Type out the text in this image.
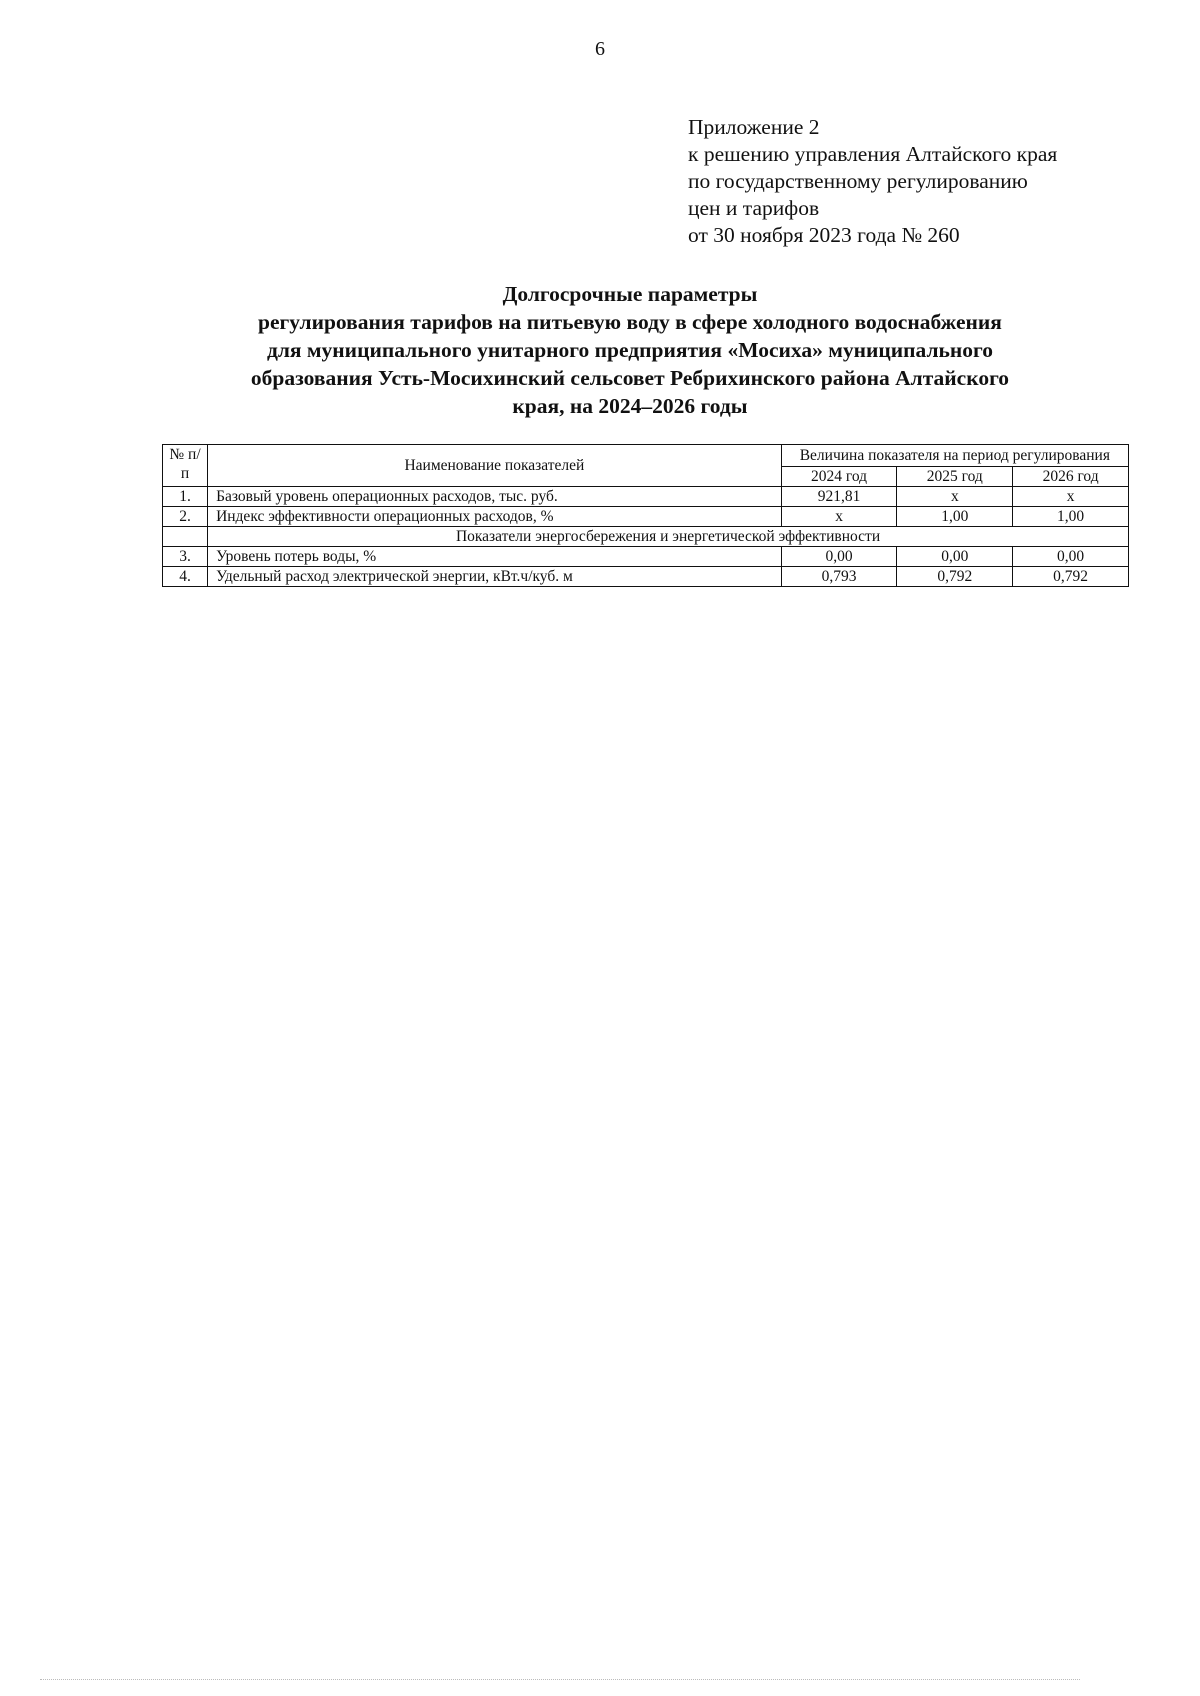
6
Приложение 2
к решению управления Алтайского края
по государственному регулированию
цен и тарифов
от 30 ноября 2023 года № 260
Долгосрочные параметры
регулирования тарифов на питьевую воду в сфере холодного водоснабжения
для муниципального унитарного предприятия «Мосиха» муниципального
образования Усть-Мосихинский сельсовет Ребрихинского района Алтайского
края, на 2024–2026 годы
№ п/п	Наименование показателей	Величина показателя на период регулирования		
		2024 год	2025 год	2026 год
1.	Базовый уровень операционных расходов, тыс. руб.	921,81	х	х
2.	Индекс эффективности операционных расходов, %	х	1,00	1,00
	Показатели энергосбережения и энергетической эффективности			
3.	Уровень потерь воды, %	0,00	0,00	0,00
4.	Удельный расход электрической энергии, кВт.ч/куб. м	0,793	0,792	0,792
